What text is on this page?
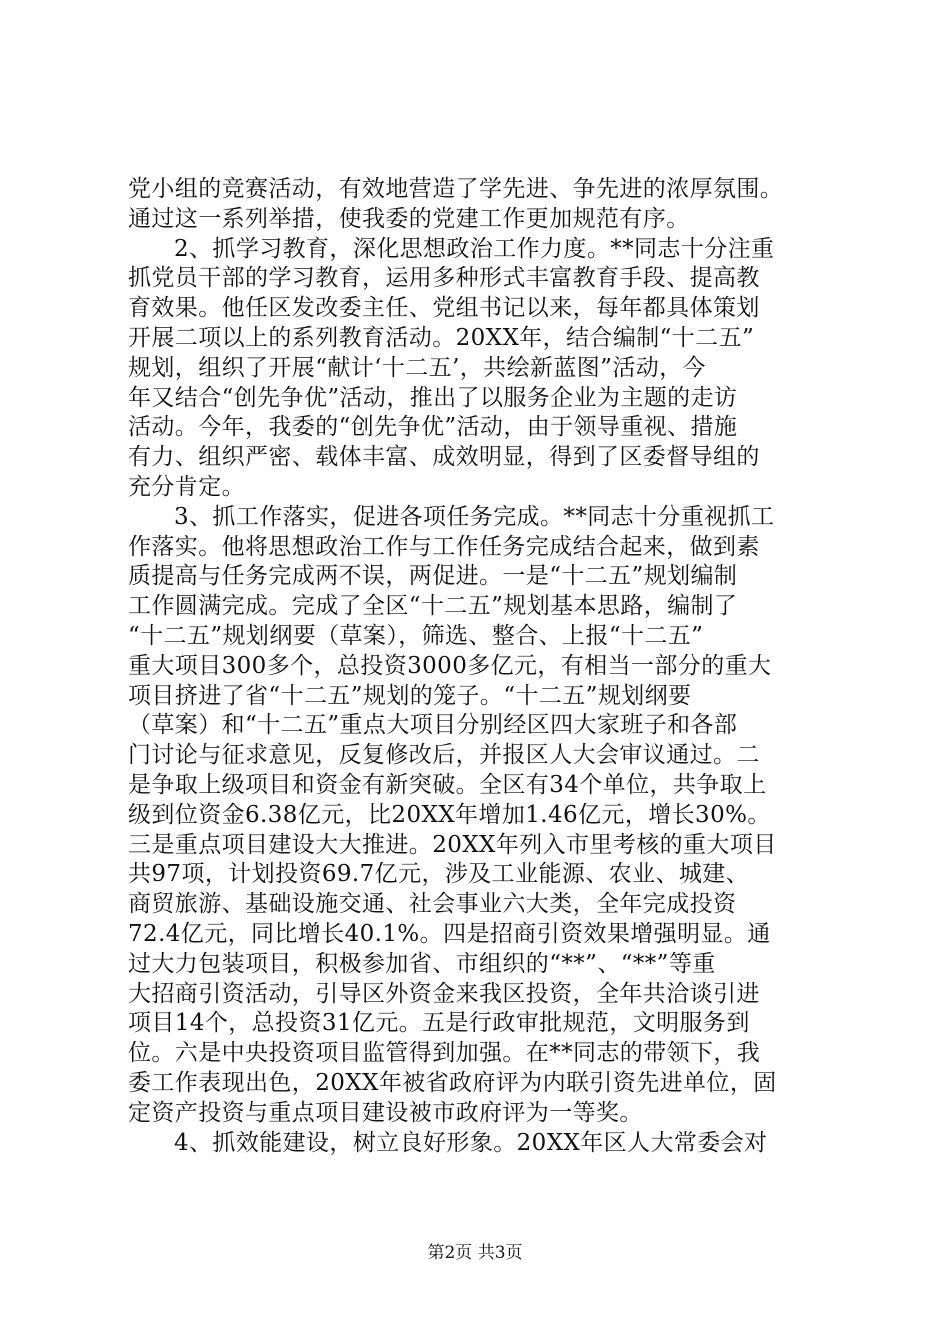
党小组的竞赛活动，有效地营造了学先进、争先进的浓厚氛围。
通过这一系列举措，使我委的党建工作更加规范有序。
2、抓学习教育，深化思想政治工作力度。**同志十分注重
抓党员干部的学习教育，运用多种形式丰富教育手段、提高教
育效果。他任区发改委主任、党组书记以来，每年都具体策划
开展二项以上的系列教育活动。20XX年，结合编制“十二五”
规划，组织了开展“献计‘十二五’，共绘新蓝图”活动，今
年又结合“创先争优”活动，推出了以服务企业为主题的走访
活动。今年，我委的“创先争优”活动，由于领导重视、措施
有力、组织严密、载体丰富、成效明显，得到了区委督导组的
充分肯定。
3、抓工作落实，促进各项任务完成。**同志十分重视抓工
作落实。他将思想政治工作与工作任务完成结合起来，做到素
质提高与任务完成两不误，两促进。一是“十二五”规划编制
工作圆满完成。完成了全区“十二五”规划基本思路，编制了
“十二五”规划纲要（草案），筛选、整合、上报“十二五”
重大项目300多个，总投资3000多亿元，有相当一部分的重大
项目挤进了省“十二五”规划的笼子。“十二五”规划纲要
（草案）和“十二五”重点大项目分别经区四大家班子和各部
门讨论与征求意见，反复修改后，并报区人大会审议通过。二
是争取上级项目和资金有新突破。全区有34个单位，共争取上
级到位资金6.38亿元，比20XX年增加1.46亿元，增长30%。
三是重点项目建设大大推进。20XX年列入市里考核的重大项目
共97项，计划投资69.7亿元，涉及工业能源、农业、城建、
商贸旅游、基础设施交通、社会事业六大类，全年完成投资
72.4亿元，同比增长40.1%。四是招商引资效果增强明显。通
过大力包装项目，积极参加省、市组织的“**”、“**”等重
大招商引资活动，引导区外资金来我区投资，全年共洽谈引进
项目14个，总投资31亿元。五是行政审批规范，文明服务到
位。六是中央投资项目监管得到加强。在**同志的带领下，我
委工作表现出色，20XX年被省政府评为内联引资先进单位，固
定资产投资与重点项目建设被市政府评为一等奖。
4、抓效能建设，树立良好形象。20XX年区人大常委会对
第2页 共3页
